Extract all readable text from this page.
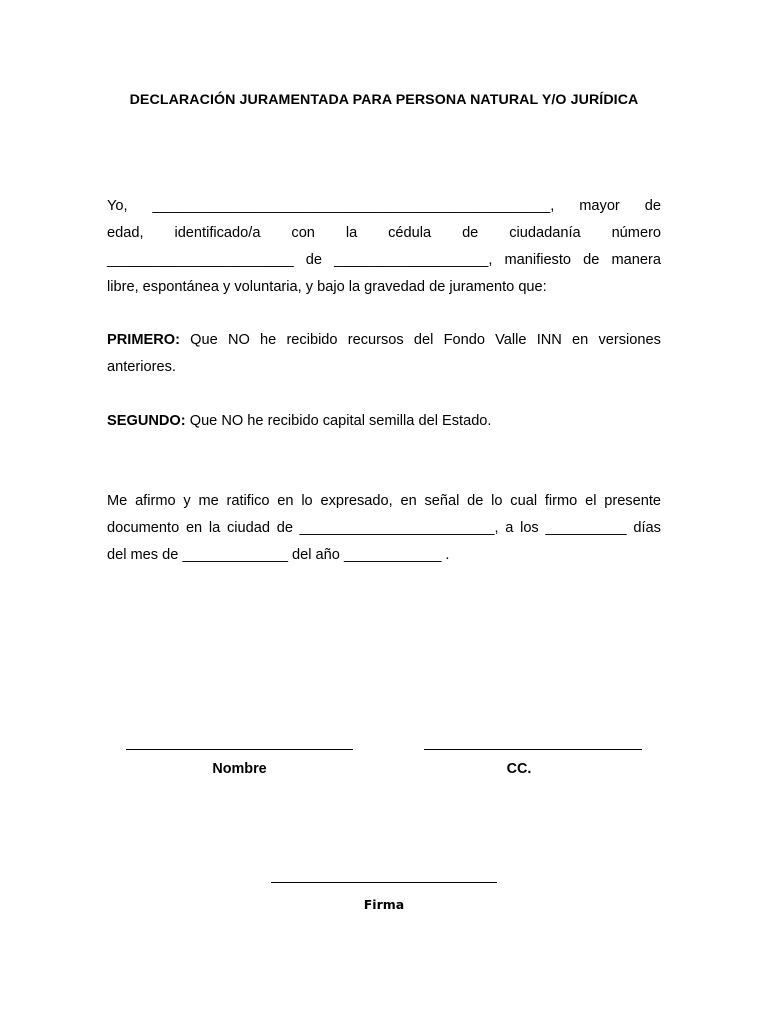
DECLARACIÓN JURAMENTADA PARA PERSONA NATURAL Y/O JURÍDICA
Yo, _________________________________________________, mayor de
edad, identificado/a con la cédula de ciudadanía número
_______________________ de ___________________, manifiesto de manera
libre, espontánea y voluntaria, y bajo la gravedad de juramento que:
PRIMERO: Que NO he recibido recursos del Fondo Valle INN en versiones
anteriores.
SEGUNDO: Que NO he recibido capital semilla del Estado.
Me afirmo y me ratifico en lo expresado, en señal de lo cual firmo el presente
documento en la ciudad de ________________________, a los __________ días
del mes de _____________ del año ____________ .
Nombre	CC.
Firma
